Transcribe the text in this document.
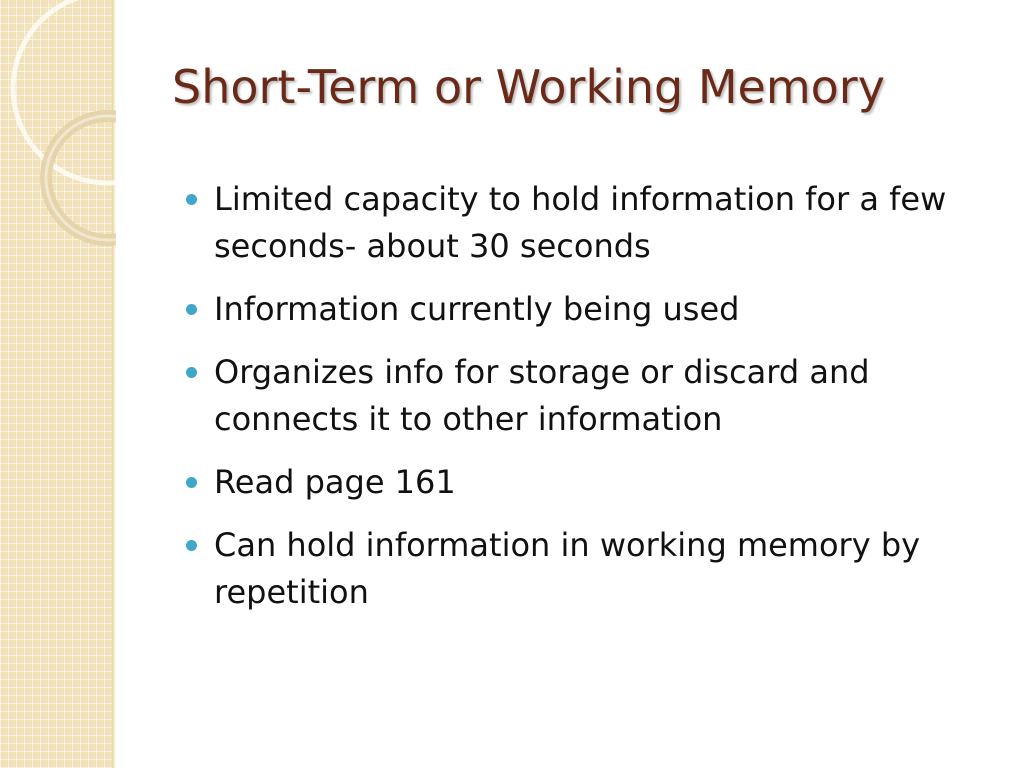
Short-Term or Working Memory
Limited capacity to hold information for a few seconds- about 30 seconds
Information currently being used
Organizes info for storage or discard and connects it to other information
Read page 161
Can hold information in working memory by repetition
